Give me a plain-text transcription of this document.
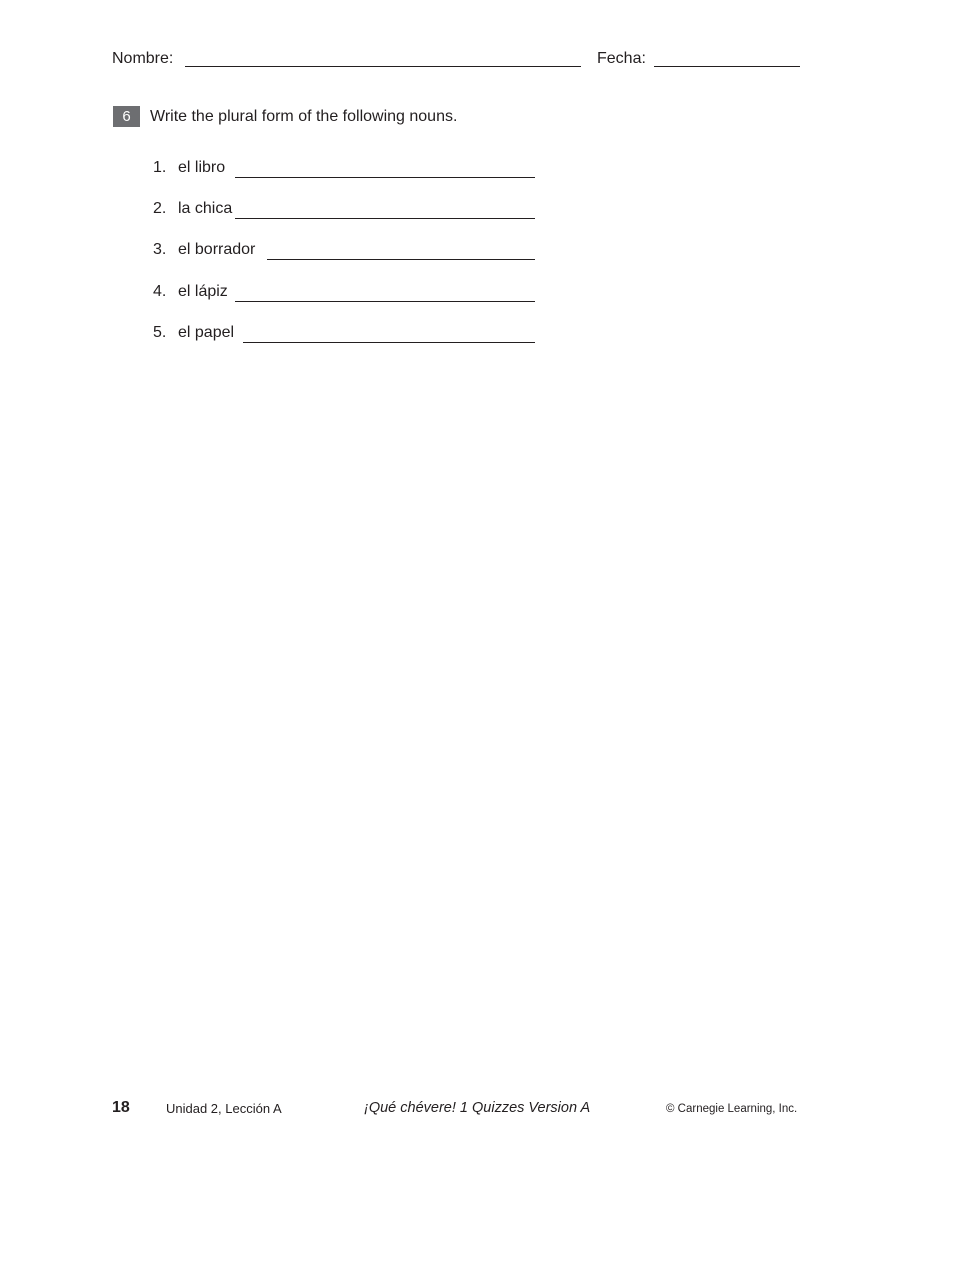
Nombre:	Fecha:
6	Write the plural form of the following nouns.
1. el libro
2. la chica
3. el borrador
4. el lápiz
5. el papel
18	Unidad 2, Lección A	¡Qué chévere! 1 Quizzes Version A	© Carnegie Learning, Inc.
